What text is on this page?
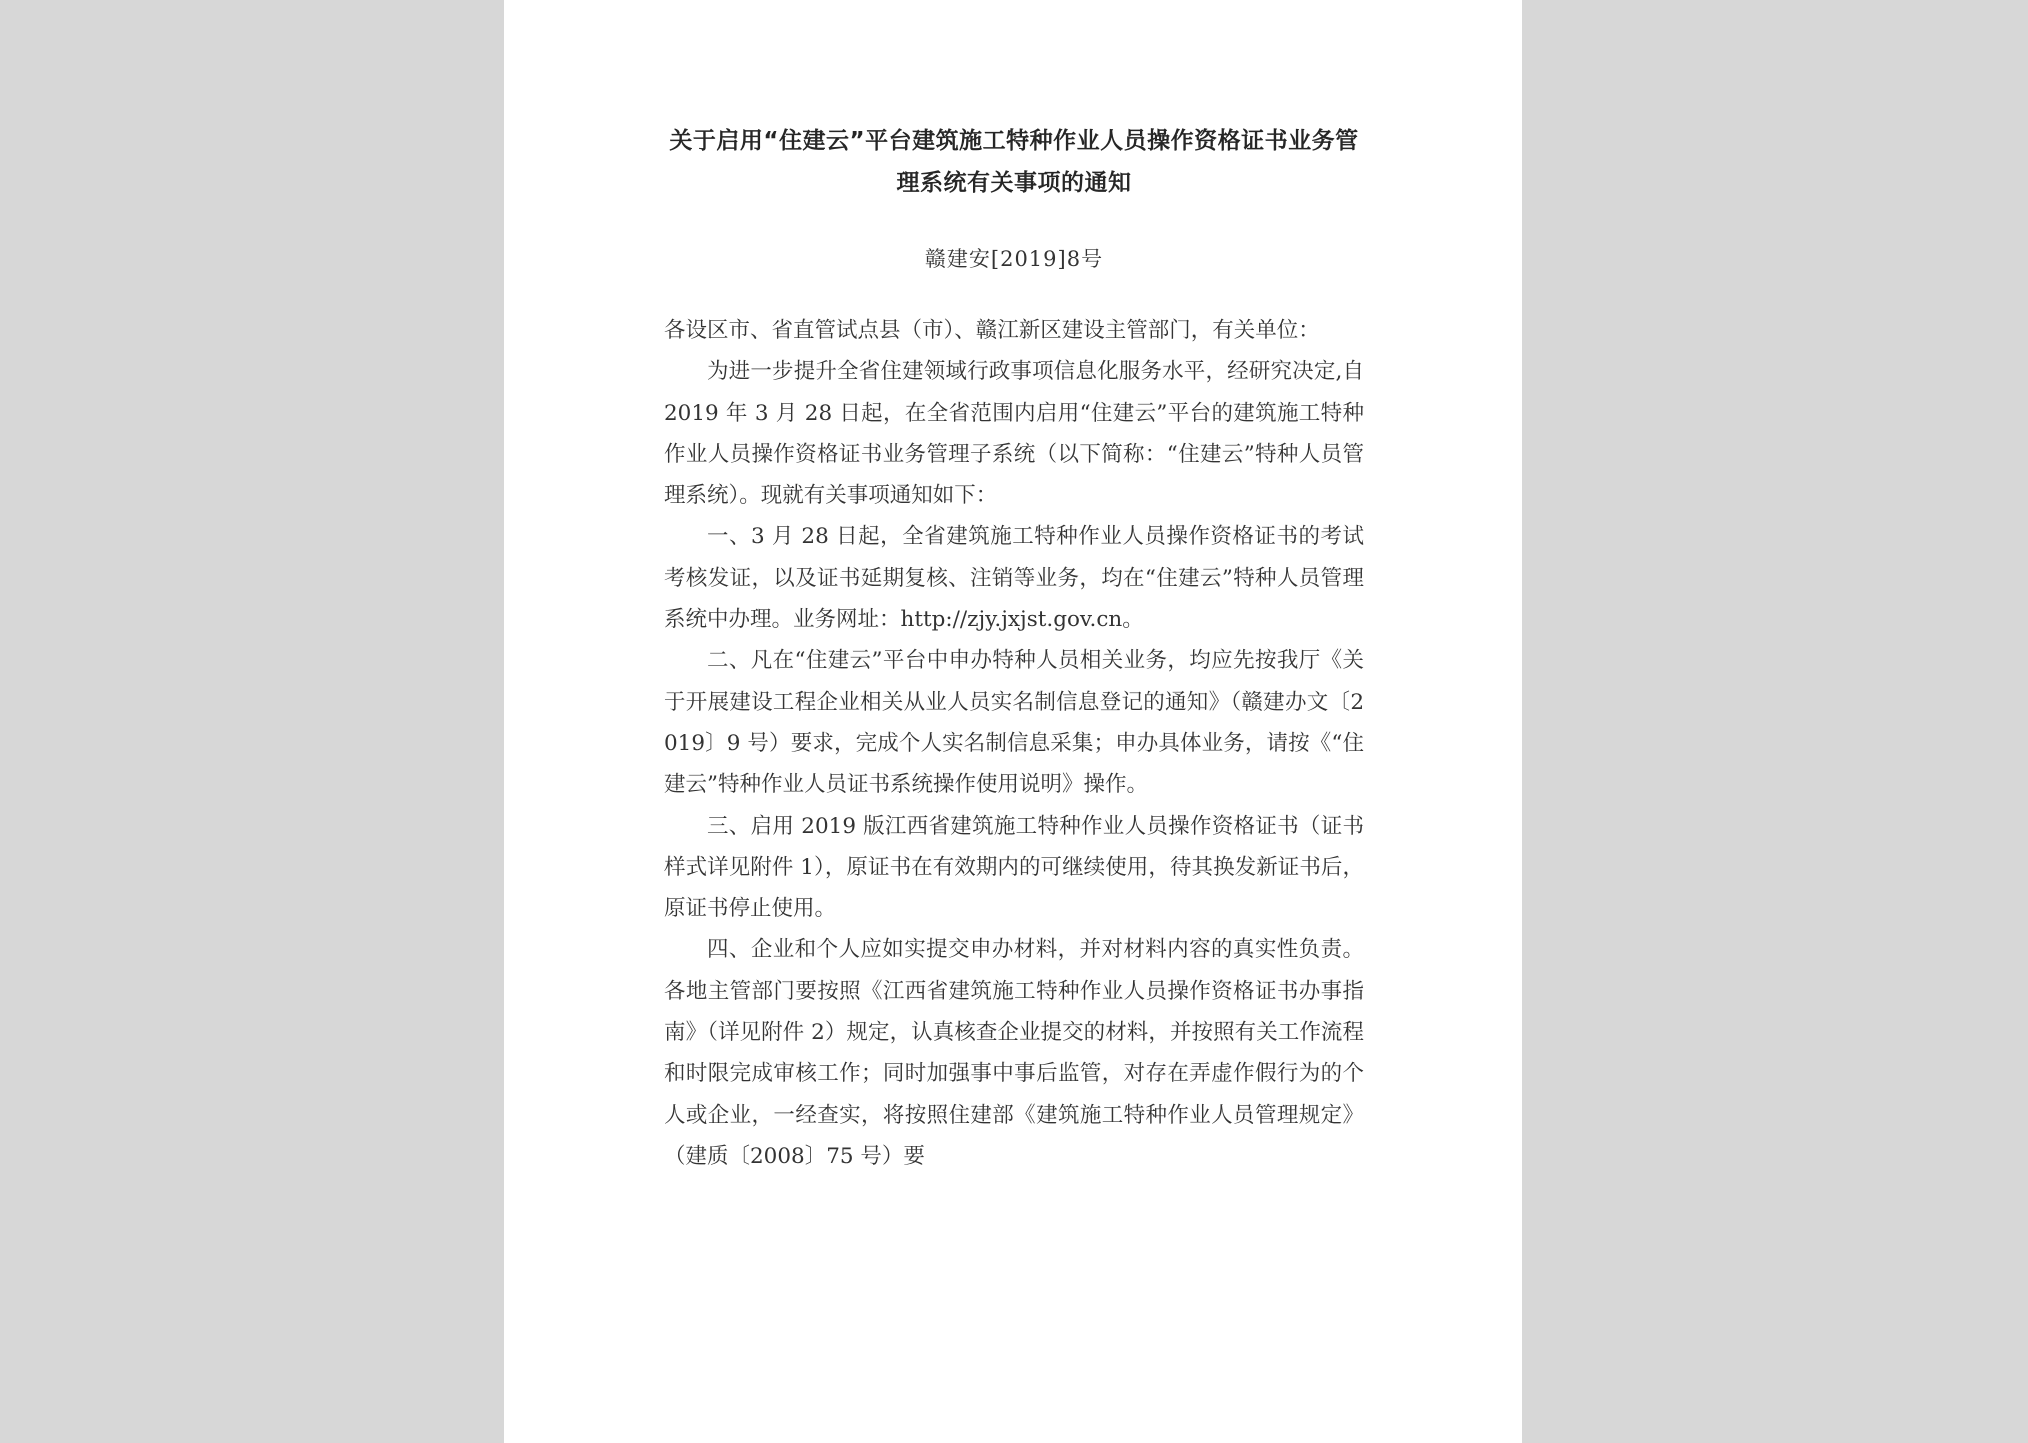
关于启用“住建云”平台建筑施工特种作业人员操作资格证书业务管理系统有关事项的通知
赣建安[2019]8号

各设区市、省直管试点县（市）、赣江新区建设主管部门，有关单位：

为进一步提升全省住建领域行政事项信息化服务水平，经研究决定,自 2019 年 3 月 28 日起，在全省范围内启用“住建云”平台的建筑施工特种作业人员操作资格证书业务管理子系统（以下简称：“住建云”特种人员管理系统）。现就有关事项通知如下：

一、3 月 28 日起，全省建筑施工特种作业人员操作资格证书的考试考核发证，以及证书延期复核、注销等业务，均在“住建云”特种人员管理系统中办理。业务网址：http://zjy.jxjst.gov.cn。

二、凡在“住建云”平台中申办特种人员相关业务，均应先按我厅《关于开展建设工程企业相关从业人员实名制信息登记的通知》（赣建办文〔2019〕9 号）要求，完成个人实名制信息采集；申办具体业务，请按《“住建云”特种作业人员证书系统操作使用说明》操作。

三、启用 2019 版江西省建筑施工特种作业人员操作资格证书（证书样式详见附件 1），原证书在有效期内的可继续使用，待其换发新证书后，原证书停止使用。

四、企业和个人应如实提交申办材料，并对材料内容的真实性负责。各地主管部门要按照《江西省建筑施工特种作业人员操作资格证书办事指南》（详见附件 2）规定，认真核查企业提交的材料，并按照有关工作流程和时限完成审核工作；同时加强事中事后监管，对存在弄虚作假行为的个人或企业，一经查实，将按照住建部《建筑施工特种作业人员管理规定》（建质〔2008〕75 号）要
